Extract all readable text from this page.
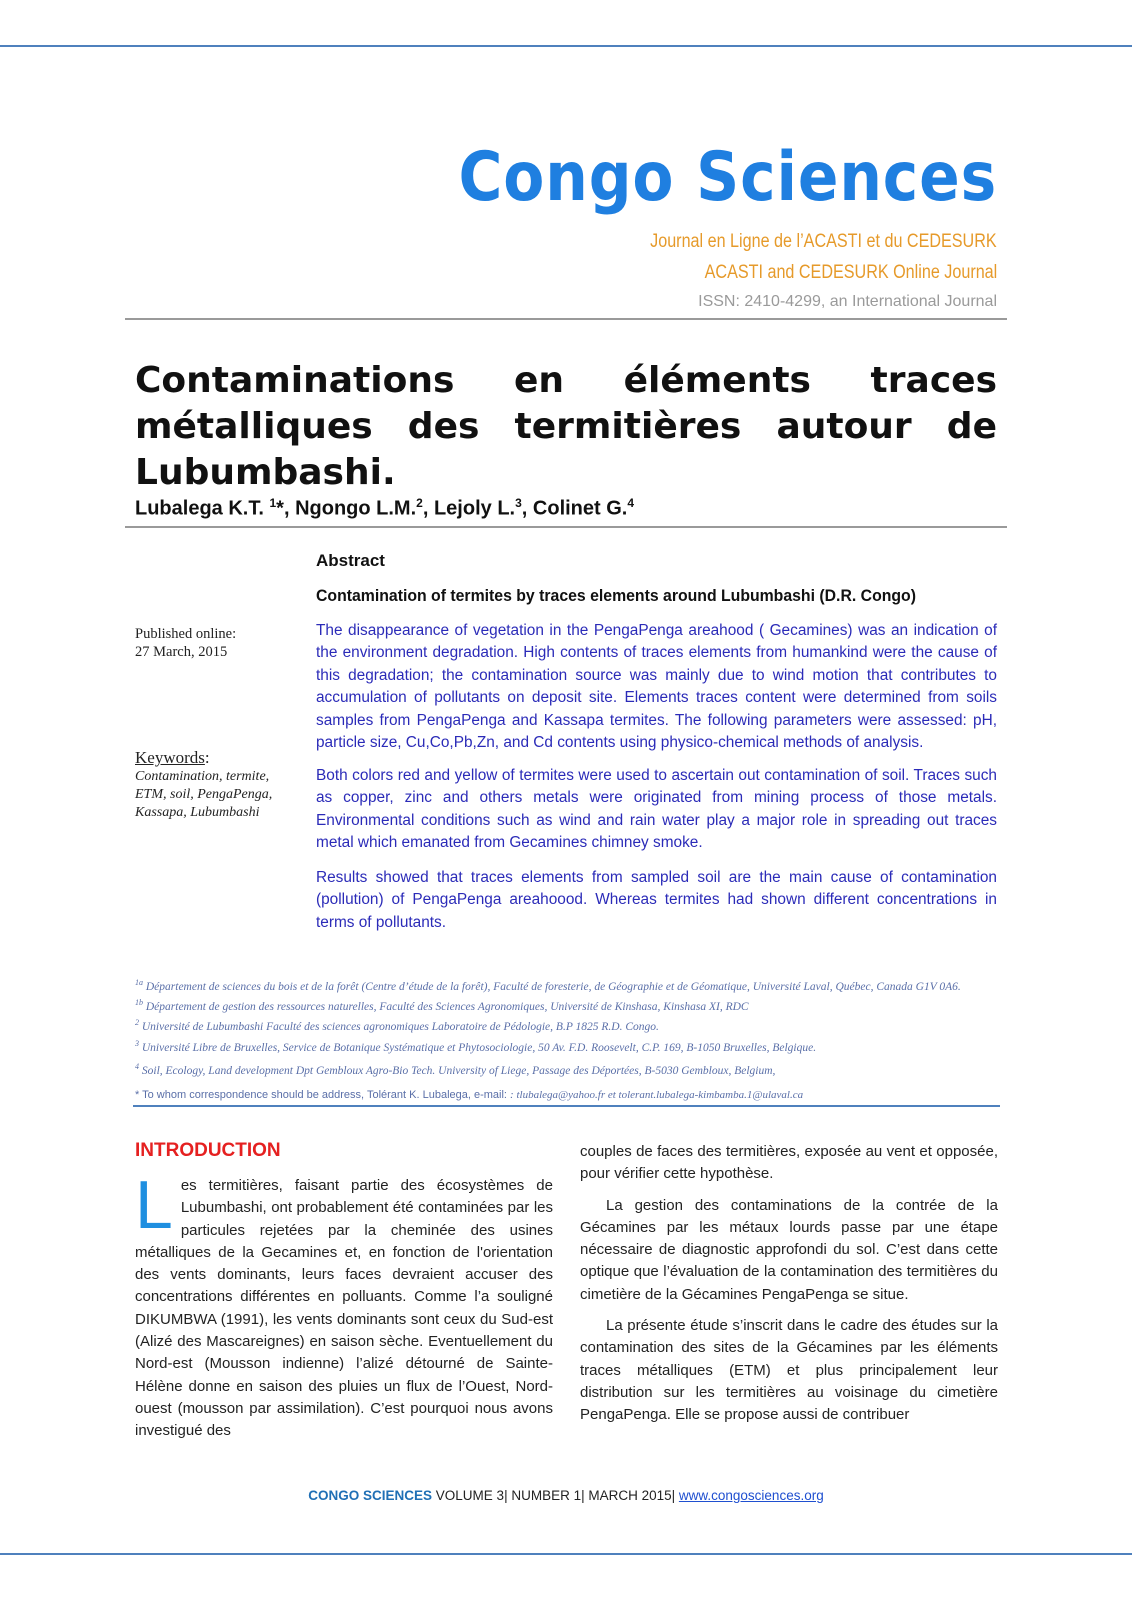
Congo Sciences
Journal en Ligne de l’ACASTI et du CEDESURK
ACASTI and CEDESURK Online Journal
ISSN: 2410-4299, an International Journal
Contaminations en éléments traces métalliques des termitières autour de Lubumbashi.
Lubalega K.T. $^1$*, Ngongo L.M.$^2$, Lejoly L.$^3$, Colinet G.$^4$
Abstract
Contamination of termites by traces elements around Lubumbashi (D.R. Congo)
The disappearance of vegetation in the PengaPenga areahood ( Gecamines) was an indication of the environment degradation. High contents of traces elements from humankind were the cause of this degradation; the contamination source was mainly due to wind motion that contributes to accumulation of pollutants on deposit site. Elements traces content were determined from soils samples from PengaPenga and Kassapa termites. The following parameters were assessed: pH, particle size, Cu,Co,Pb,Zn, and Cd contents using physico-chemical methods of analysis.
Both colors red and yellow of termites were used to ascertain out contamination of soil. Traces such as copper, zinc and others metals were originated from mining process of those metals. Environmental conditions such as wind and rain water play a major role in spreading out traces metal which emanated from Gecamines chimney smoke.
Results showed that traces elements from sampled soil are the main cause of contamination (pollution) of PengaPenga areahoood. Whereas termites had shown different concentrations in terms of pollutants.
Published online:
27 March, 2015
Keywords:
Contamination, termite, ETM, soil, PengaPenga, Kassapa, Lubumbashi
$^{1a}$ Département de sciences du bois et de la forêt (Centre d’étude de la forêt), Faculté de foresterie, de Géographie et de Géomatique, Université Laval, Québec, Canada G1V 0A6.
$^{1b}$ Département de gestion des ressources naturelles, Faculté des Sciences Agronomiques, Université de Kinshasa, Kinshasa XI, RDC
$^2$ Université de Lubumbashi Faculté des sciences agronomiques Laboratoire de Pédologie, B.P 1825 R.D. Congo.
$^3$ Université Libre de Bruxelles, Service de Botanique Systématique et Phytosociologie, 50 Av. F.D. Roosevelt, C.P. 169, B-1050 Bruxelles, Belgique.
$^4$ Soil, Ecology, Land development Dpt Gembloux Agro-Bio Tech. University of Liege, Passage des Déportées, B-5030 Gembloux, Belgium,
* To whom correspondence should be address, Tolérant K. Lubalega, e-mail: : tlubalega@yahoo.fr et tolerant.lubalega-kimbamba.1@ulaval.ca
INTRODUCTION

Les termitières, faisant partie des écosystèmes de Lubumbashi, ont probablement été contaminées par les particules rejetées par la cheminée des usines métalliques de la Gecamines et, en fonction de l'orientation des vents dominants, leurs faces devraient accuser des concentrations différentes en polluants. Comme l’a souligné DIKUMBWA (1991), les vents dominants sont ceux du Sud-est (Alizé des Mascareignes) en saison sèche. Eventuellement du Nord-est (Mousson indienne) l’alizé détourné de Sainte-Hélène donne en saison des pluies un flux de l’Ouest, Nord-ouest (mousson par assimilation). C’est pourquoi nous avons investigué des

couples de faces des termitières, exposée au vent et opposée, pour vérifier cette hypothèse.

La gestion des contaminations de la contrée de la Gécamines par les métaux lourds passe par une étape nécessaire de diagnostic approfondi du sol. C’est dans cette optique que l’évaluation de la contamination des termitières du cimetière de la Gécamines PengaPenga se situe.

La présente étude s’inscrit dans le cadre des études sur la contamination des sites de la Gécamines par les éléments traces métalliques (ETM) et plus principalement leur distribution sur les termitières au voisinage du cimetière PengaPenga. Elle se propose aussi de contribuer

CONGO SCIENCES VOLUME 3| NUMBER 1| MARCH 2015| www.congosciences.org
